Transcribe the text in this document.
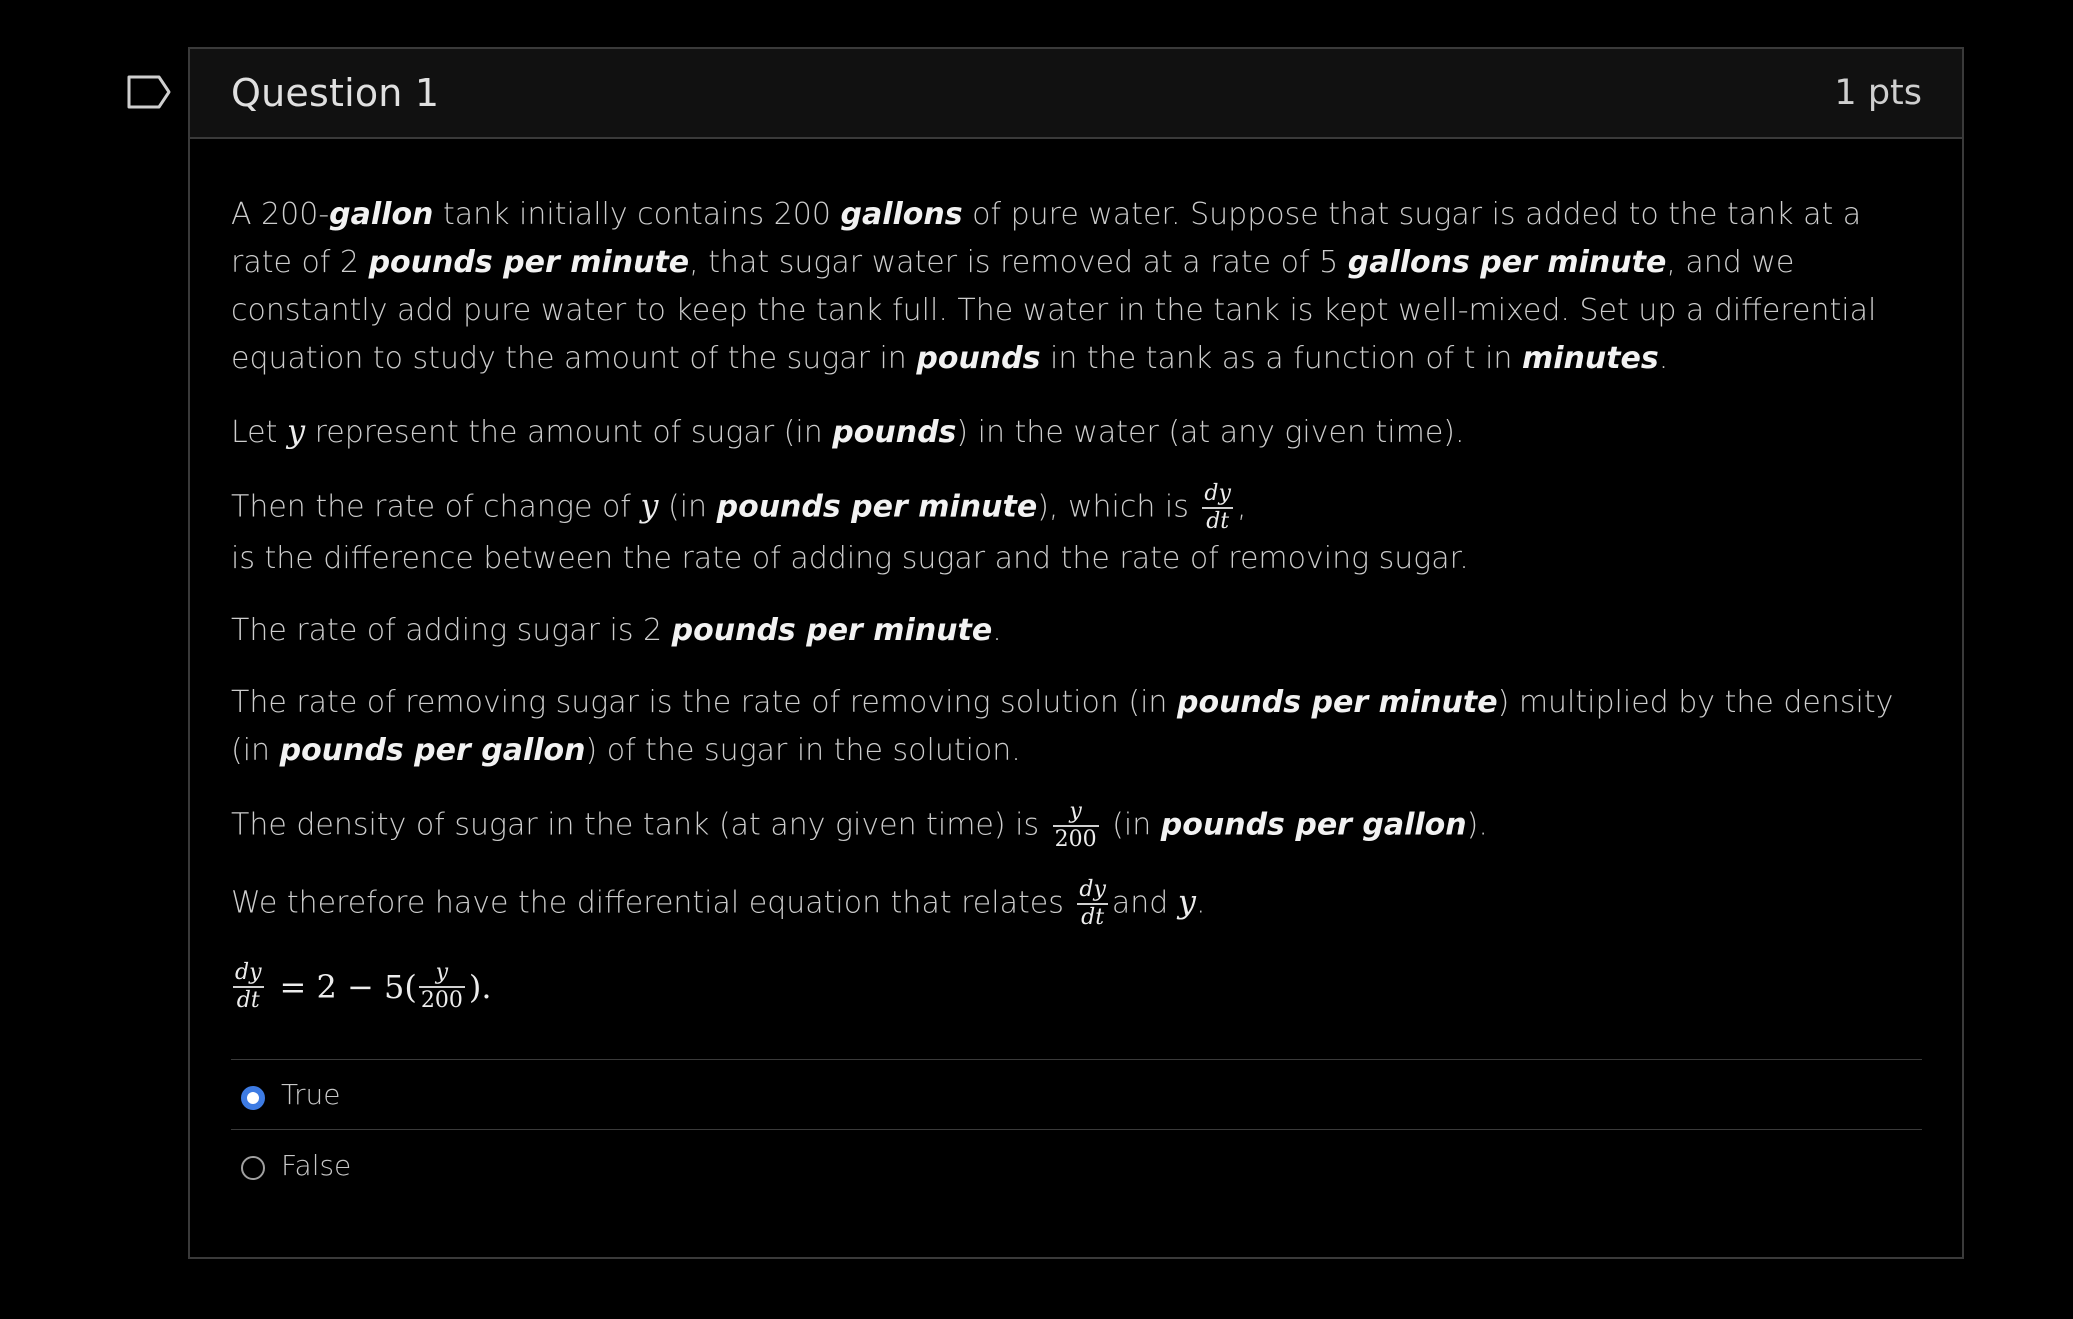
Question 1	1 pts

A 200-gallon tank initially contains 200 gallons of pure water. Suppose that sugar is added to the tank at a rate of 2 pounds per minute, that sugar water is removed at a rate of 5 gallons per minute, and we constantly add pure water to keep the tank full. The water in the tank is kept well-mixed. Set up a differential equation to study the amount of the sugar in pounds in the tank as a function of t in minutes.

Let y represent the amount of sugar (in pounds) in the water (at any given time).

Then the rate of change of y (in pounds per minute), which is $\frac{dy}{dt}$ ,
is the difference between the rate of adding sugar and the rate of removing sugar.

The rate of adding sugar is 2 pounds per minute.

The rate of removing sugar is the rate of removing solution (in pounds per minute) multiplied by the density (in pounds per gallon) of the sugar in the solution.

The density of sugar in the tank (at any given time) is $\frac{y}{200} (in$ pounds per gallon).

We therefore have the differential equation that relates $\frac{dy}{dt}$ and y.

$\frac{dy}{dt} = 2 - 5( \frac{y}{200}$ ).
True
False
